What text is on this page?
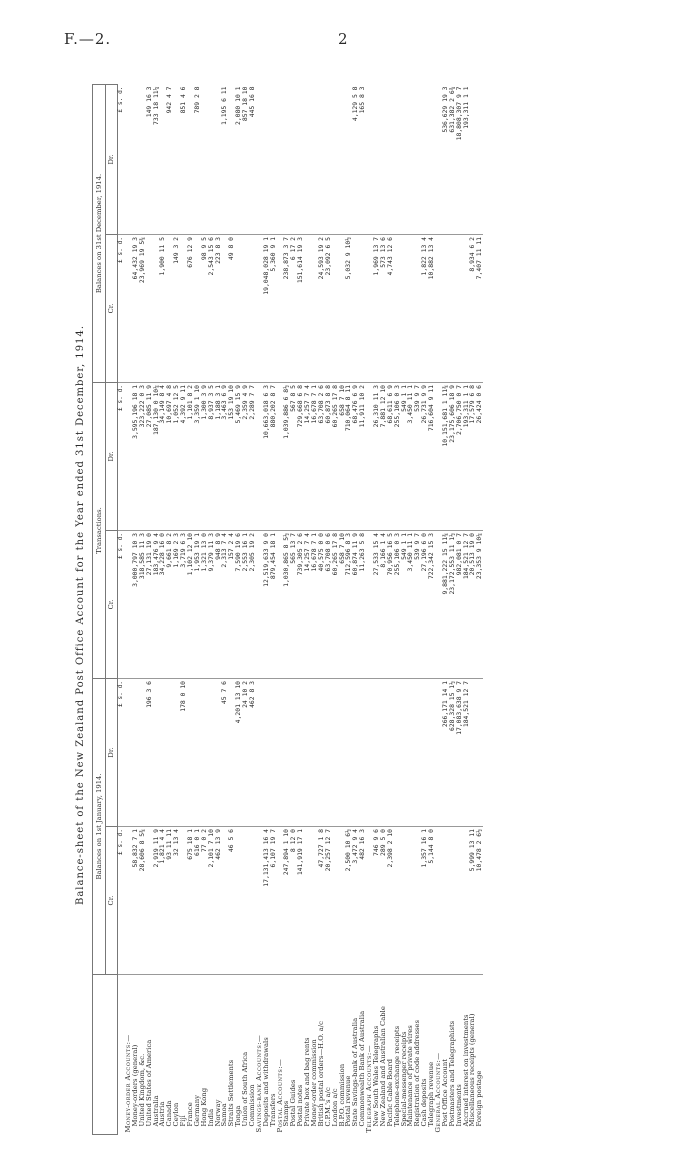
F.—2.	2
Balance-sheet of the New Zealand Post Office Account for the Year ended 31st December, 1914.
	Balances on 1st January, 1914.		Transactions.		Balances on 31st December, 1914.	
	Cr.	Dr.	Cr.	Dr.	Cr.	Dr.
	£ s. d.	£ s. d.	£ s. d.	£ s. d.	£ s. d.	£ s. d.
Money-order Accounts:—						
Money-orders (general)	58,832 7 1		3,000,797 10 3	3,595,196 18 1	64,432 19 3	
United Kingdom, &c.	28,606 8 5¾		318,585 11 3	323,222 0 3	23,969 19 5¾	
United States of America		196 3 6	27,131 19 0	27,085 11 9		149 16 3
Australia	2,919 11 9		183,476 9 4	187,130 0 10¼		733 18 11¼
Austria	1,821 4 4		34,228 16 0	34,149 8 4	1,900 11 5	
Canada	93 11 11		9,661 8 2	10,697 4 8		942 4 7
Ceylon	32 13 4		1,169 2 3	1,052 12 5	149 3 2	
Fiji		178 0 10	3,719 6 3	4,392 9 11		851 4 6
France	675 18 1		1,102 12 10	1,101 8 2	676 12 9	
Germany	616 0 1		1,953 19 1	3,359 1 10		789 2 8
Hong Kong	77 0 2		1,321 13 0	1,300 3 9	98 9 5	
India	2,101 7 10		9,379 11 3	8,937 3 5	2,543 15 6	
Norway	462 13 9		948 8 9	1,188 3 1	223 8 3	
Samoa		45 7 6	2,313 7 4	3,463 6 9		1,195 6 11
Straits Settlements	46 5 6		157 2 4	153 19 10	49 8 0	
Tonga		4,201 13 10	7,590 19 6	5,469 15 9		2,080 10 1
Union of South Africa		24 10 2	2,553 16 1	2,359 4 9		857 18 10
Commission		462 8 3	2,305 19 2	2,289 7 7		445 16 8
Savings-bank Accounts:—						
Deposits and withdrawals	17,131,413 16 4		12,519,633 9 0	10,663,018 6 3	19,048,028 19 1	
Transfers	6,107 19 7		879,454 18 1	880,202 8 7	5,360 9 1	
Postal Accounts:—						
Stamps	247,894 1 10		1,030,865 8 5½	1,039,886 6 8½	238,873 3 7	
Postal Guides	8 12 0		565 13 7	567 8 5	6 17 2	
Postal notes	141,919 17 1		739,305 2 6	729,668 6 8	151,614 19 3	
Private box and bag rents			14,257 7 4	14,257 7 4		
Money-order commission			16,678 7 1	16,678 7 1		
British postal orders—H.O. a/c	47,727 1 8		40,575 0 0	63,708 2 6	24,593 19 2	
C.P.M.'s a/c	20,257 12 7		63,708 0 6	60,873 8 8	23,092 6 5	
London a/c			60,265 17 8	60,265 17 8		
B.P.O. commission			658 7 10	658 7 10		
Postal revenue	2,500 10 6½		712,596 8 3	710,064 8 11	5,032 9 10½	
State Savings-bank of Australia	3,472 9 4		60,874 11 9	68,476 6 9		4,129 5 8
Commonwealth Bank of Australia	482 16 3		11,263 5 8	11,911 10 2		165 8 3
Telegraph Accounts:—						
New South Wales Telegraphs	746 9 6		27,533 15 4	26,310 11 3	1,969 13 7	
New Zealand and Australian Cable	289 5 0		8,166 1 4	7,881 12 10	573 13 6	
Pacific Cable Board	2,398 2 10		70,956 16 5	68,611 6 9	4,743 12 6	
Telephone-exchange receipts			255,106 0 3	255,106 0 3		
Special-messenger receipts			549 1 1	549 1 1		
Maintenance of private wires			3,450 11 1	3,450 11 1		
Registration of code addresses			539 9 7	539 9 7		
Cash deposits	1,357 16 1		27,196 6 0	26,731 9 9	1,822 13 4	
Telegraph revenue	5,144 8 0		722,342 15 3	716,604 9 11	10,882 13 4	
General Accounts:—						
Post Office Account		266,171 14 1	9,881,222 15 11¾	10,151,681 1 11¾		536,629 19 3
Postmasters and Telegraphists		628,328 15 1½	23,172,553 11 1½	23,175,606 18 9		631,382 2 6¾
Investments		17,083,638 9 7	982,081 0 7	2,706,750 0 7		18,808,307 9 7
Accrued interest on investments		184,521 12 7	184,521 12 7	193,311 1 1		193,311 1 1
Miscellaneous receipts (general)	5,999 13 11		20,513 19 0	17,579 6 8	8,934 6 2	
Foreign postage	10,478 2 6½		23,353 9 10¼	26,424 0 6	7,407 11 11	
